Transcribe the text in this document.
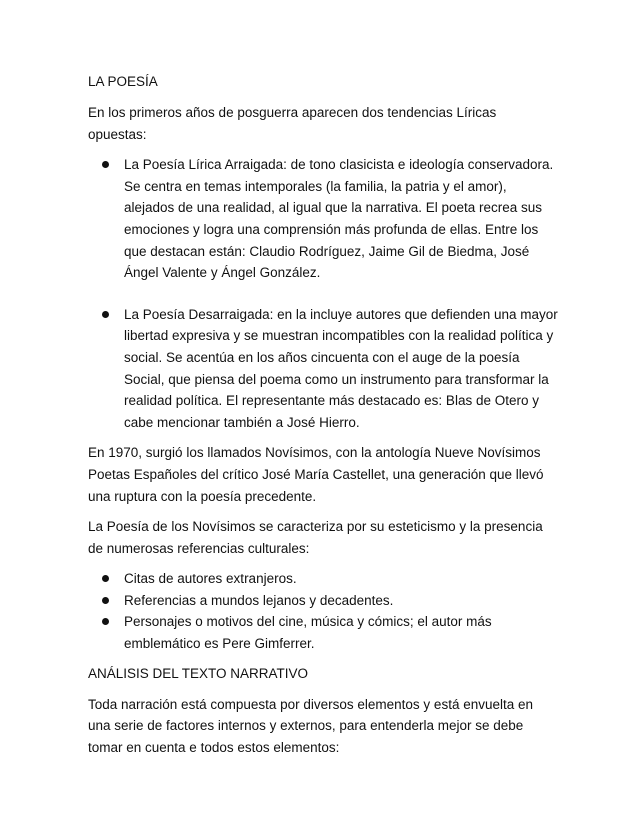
LA POESÍA

En los primeros años de posguerra aparecen dos tendencias Líricas opuestas:

La Poesía Lírica Arraigada: de tono clasicista e ideología conservadora. Se centra en temas intemporales (la familia, la patria y el amor), alejados de una realidad, al igual que la narrativa. El poeta recrea sus emociones y logra una comprensión más profunda de ellas. Entre los que destacan están: Claudio Rodríguez, Jaime Gil de Biedma, José Ángel Valente y Ángel González.
La Poesía Desarraigada: en la incluye autores que defienden una mayor libertad expresiva y se muestran incompatibles con la realidad política y social. Se acentúa en los años cincuenta con el auge de la poesía Social, que piensa del poema como un instrumento para transformar la realidad política. El representante más destacado es: Blas de Otero y cabe mencionar también a José Hierro.

En 1970, surgió los llamados Novísimos, con la antología Nueve Novísimos Poetas Españoles del crítico José María Castellet, una generación que llevó una ruptura con la poesía precedente.

La Poesía de los Novísimos se caracteriza por su esteticismo y la presencia de numerosas referencias culturales:

Citas de autores extranjeros.
Referencias a mundos lejanos y decadentes.
Personajes o motivos del cine, música y cómics; el autor más emblemático es Pere Gimferrer.

ANÁLISIS DEL TEXTO NARRATIVO

Toda narración está compuesta por diversos elementos y está envuelta en una serie de factores internos y externos, para entenderla mejor se debe tomar en cuenta e todos estos elementos:
